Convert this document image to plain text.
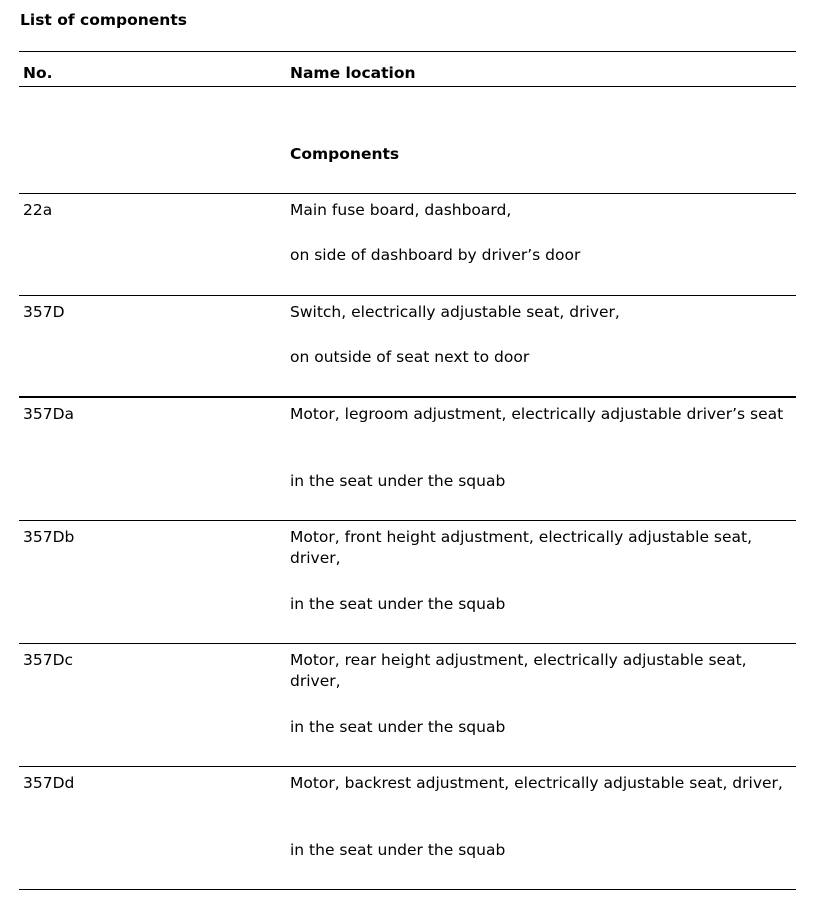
List of components
No.	Name location
Components
22a	Main fuse board, dashboard,
on side of dashboard by driver’s door
357D	Switch, electrically adjustable seat, driver,
on outside of seat next to door
357Da	Motor, legroom adjustment, electrically adjustable driver’s seat
in the seat under the squab
357Db	Motor, front height adjustment, electrically adjustable seat, driver,
in the seat under the squab
357Dc	Motor, rear height adjustment, electrically adjustable seat, driver,
in the seat under the squab
357Dd	Motor, backrest adjustment, electrically adjustable seat, driver,
in the seat under the squab
